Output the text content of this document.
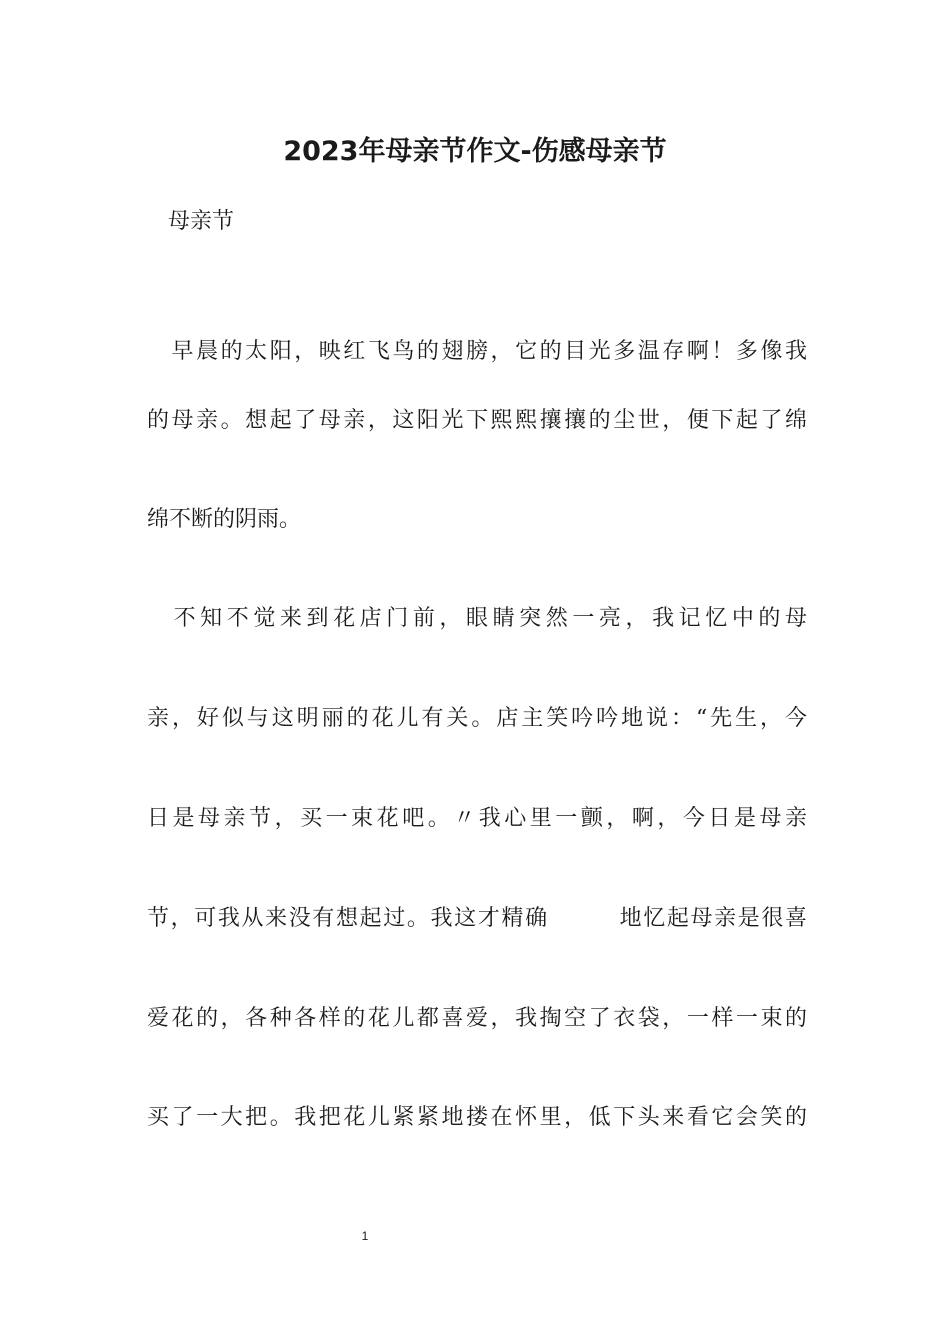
2023年母亲节作文-伤感母亲节

母亲节

　早晨的太阳，映红飞鸟的翅膀，它的目光多温存啊！多像我

的母亲。想起了母亲，这阳光下熙熙攘攘的尘世，便下起了绵

绵不断的阴雨。

　不知不觉来到花店门前，眼睛突然一亮，我记忆中的母

亲，好似与这明丽的花儿有关。店主笑吟吟地说：“先生，今

日是母亲节，买一束花吧。〃我心里一颤，啊，今日是母亲

节，可我从来没有想起过。我这才精确　　　地忆起母亲是很喜

爱花的，各种各样的花儿都喜爱，我掏空了衣袋，一样一束的

买了一大把。我把花儿紧紧地搂在怀里，低下头来看它会笑的

1
